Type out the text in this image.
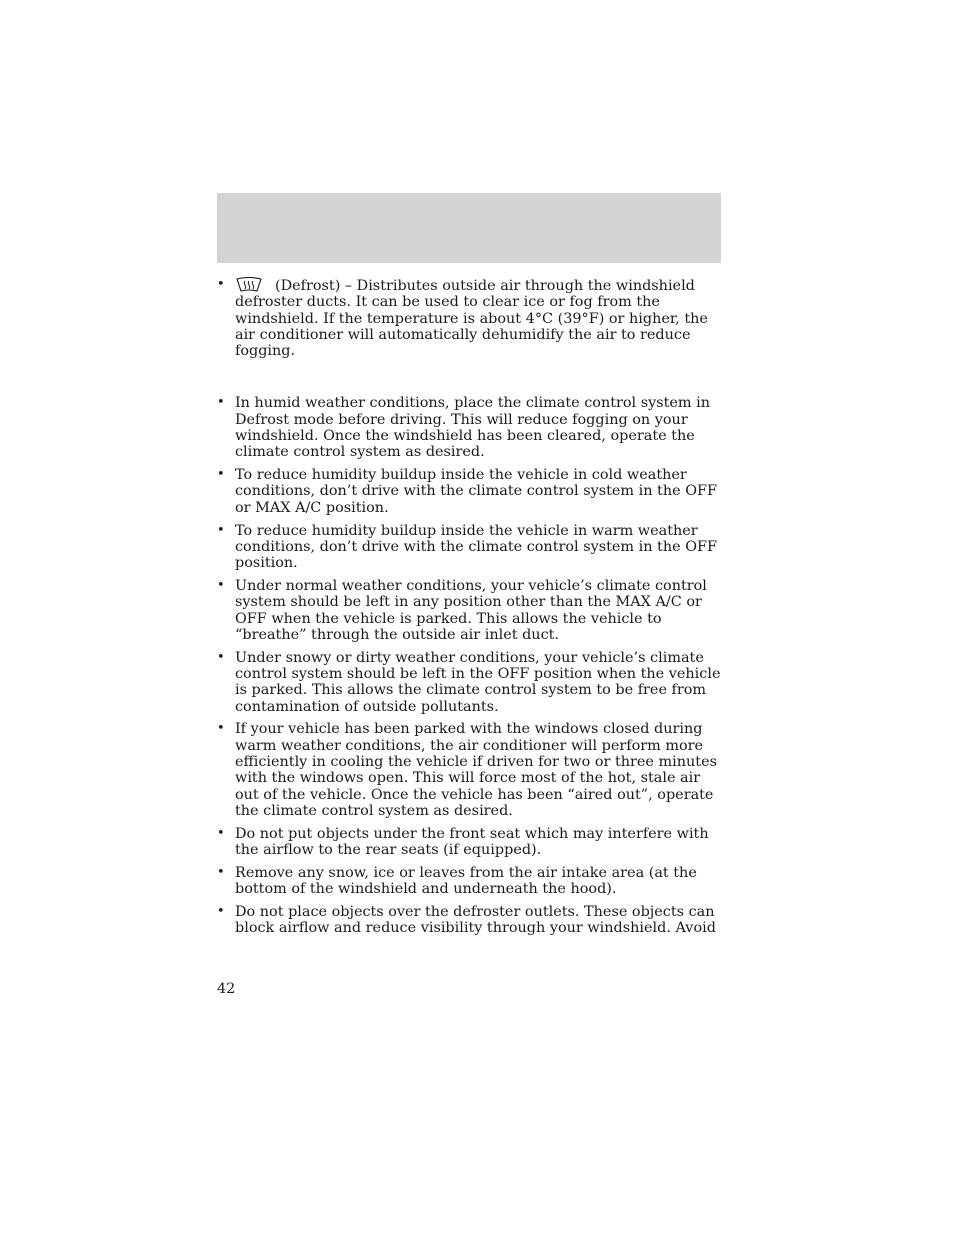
•	(Defrost) – Distributes outside air through the windshield defroster ducts. It can be used to clear ice or fog from the windshield. If the temperature is about 4°C (39°F) or higher, the air conditioner will automatically dehumidify the air to reduce fogging.
• In humid weather conditions, place the climate control system in Defrost mode before driving. This will reduce fogging on your windshield. Once the windshield has been cleared, operate the climate control system as desired.
• To reduce humidity buildup inside the vehicle in cold weather conditions, don’t drive with the climate control system in the OFF or MAX A/C position.
• To reduce humidity buildup inside the vehicle in warm weather conditions, don’t drive with the climate control system in the OFF position.
• Under normal weather conditions, your vehicle’s climate control system should be left in any position other than the MAX A/C or OFF when the vehicle is parked. This allows the vehicle to “breathe” through the outside air inlet duct.
• Under snowy or dirty weather conditions, your vehicle’s climate control system should be left in the OFF position when the vehicle is parked. This allows the climate control system to be free from contamination of outside pollutants.
• If your vehicle has been parked with the windows closed during warm weather conditions, the air conditioner will perform more efficiently in cooling the vehicle if driven for two or three minutes with the windows open. This will force most of the hot, stale air out of the vehicle. Once the vehicle has been “aired out”, operate the climate control system as desired.
• Do not put objects under the front seat which may interfere with the airflow to the rear seats (if equipped).
• Remove any snow, ice or leaves from the air intake area (at the bottom of the windshield and underneath the hood).
• Do not place objects over the defroster outlets. These objects can block airflow and reduce visibility through your windshield. Avoid
42
